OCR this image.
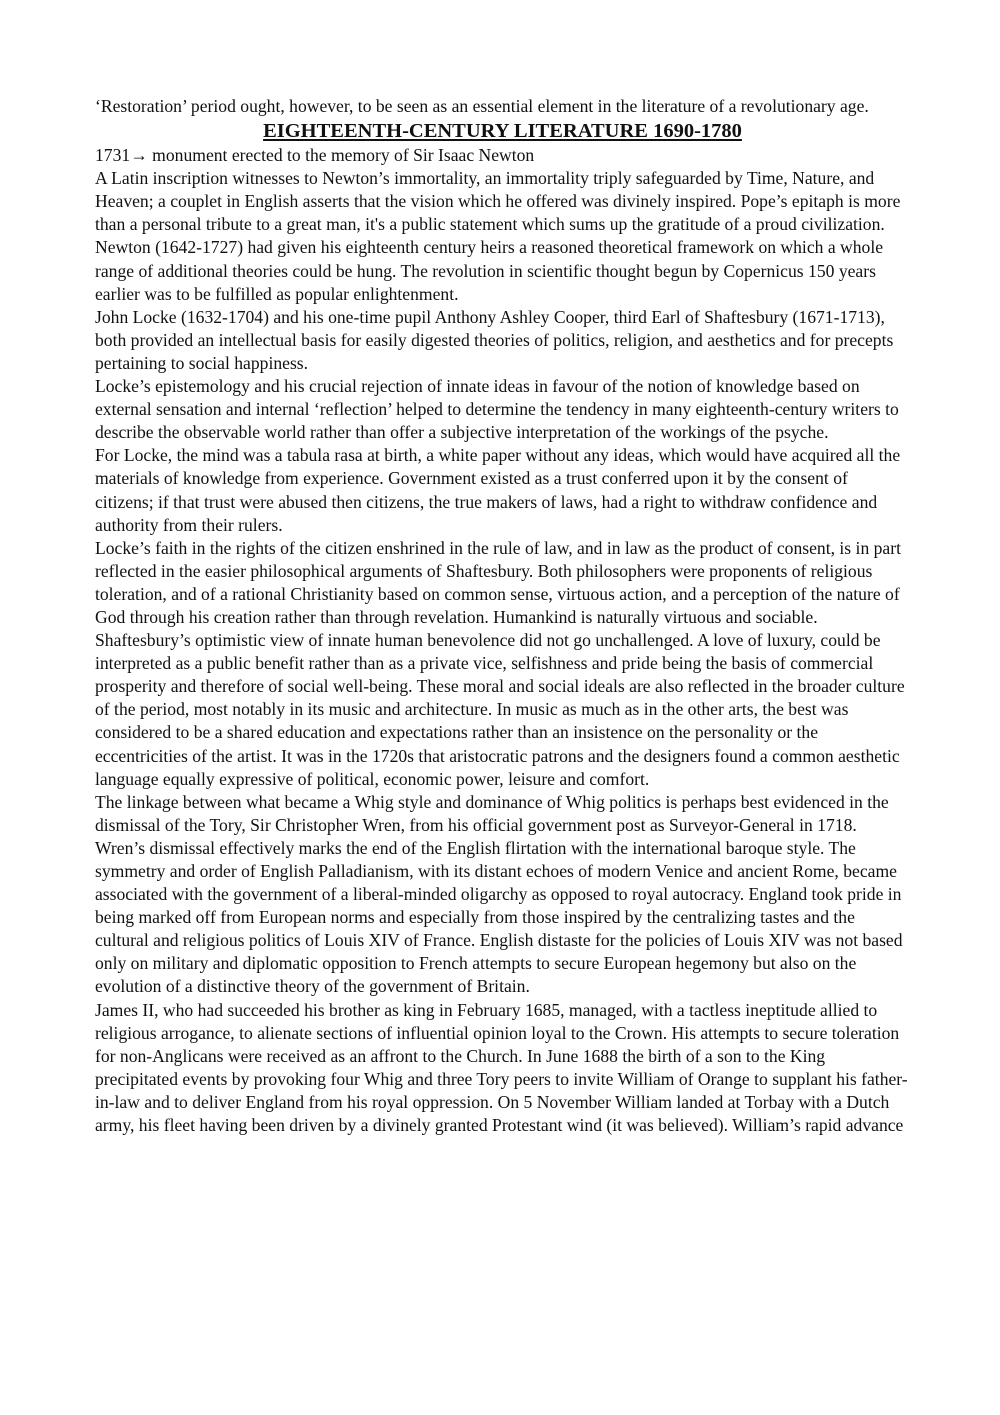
‘Restoration’ period ought, however, to be seen as an essential element in the literature of a revolutionary age.

EIGHTEENTH-CENTURY LITERATURE 1690-1780

1731→ monument erected to the memory of Sir Isaac Newton

A Latin inscription witnesses to Newton’s immortality, an immortality triply safeguarded by Time, Nature, and Heaven; a couplet in English asserts that the vision which he offered was divinely inspired. Pope’s epitaph is more than a personal tribute to a great man, it's a public statement which sums up the gratitude of a proud civilization. Newton (1642-1727) had given his eighteenth century heirs a reasoned theoretical framework on which a whole range of additional theories could be hung. The revolution in scientific thought begun by Copernicus 150 years earlier was to be fulfilled as popular enlightenment.

John Locke (1632-1704) and his one-time pupil Anthony Ashley Cooper, third Earl of Shaftesbury (1671-1713), both provided an intellectual basis for easily digested theories of politics, religion, and aesthetics and for precepts pertaining to social happiness.

Locke’s epistemology and his crucial rejection of innate ideas in favour of the notion of knowledge based on external sensation and internal ‘reflection’ helped to determine the tendency in many eighteenth-century writers to describe the observable world rather than offer a subjective interpretation of the workings of the psyche.

For Locke, the mind was a tabula rasa at birth, a white paper without any ideas, which would have acquired all the materials of knowledge from experience. Government existed as a trust conferred upon it by the consent of citizens; if that trust were abused then citizens, the true makers of laws, had a right to withdraw confidence and authority from their rulers.

Locke’s faith in the rights of the citizen enshrined in the rule of law, and in law as the product of consent, is in part reflected in the easier philosophical arguments of Shaftesbury. Both philosophers were proponents of religious toleration, and of a rational Christianity based on common sense, virtuous action, and a perception of the nature of God through his creation rather than through revelation. Humankind is naturally virtuous and sociable. Shaftesbury’s optimistic view of innate human benevolence did not go unchallenged. A love of luxury, could be interpreted as a public benefit rather than as a private vice, selfishness and pride being the basis of commercial prosperity and therefore of social well-being. These moral and social ideals are also reflected in the broader culture of the period, most notably in its music and architecture. In music as much as in the other arts, the best was considered to be a shared education and expectations rather than an insistence on the personality or the eccentricities of the artist. It was in the 1720s that aristocratic patrons and the designers found a common aesthetic language equally expressive of political, economic power, leisure and comfort.

The linkage between what became a Whig style and dominance of Whig politics is perhaps best evidenced in the dismissal of the Tory, Sir Christopher Wren, from his official government post as Surveyor-General in 1718. Wren’s dismissal effectively marks the end of the English flirtation with the international baroque style. The symmetry and order of English Palladianism, with its distant echoes of modern Venice and ancient Rome, became associated with the government of a liberal-minded oligarchy as opposed to royal autocracy. England took pride in being marked off from European norms and especially from those inspired by the centralizing tastes and the cultural and religious politics of Louis XIV of France. English distaste for the policies of Louis XIV was not based only on military and diplomatic opposition to French attempts to secure European hegemony but also on the evolution of a distinctive theory of the government of Britain.

James II, who had succeeded his brother as king in February 1685, managed, with a tactless ineptitude allied to religious arrogance, to alienate sections of influential opinion loyal to the Crown. His attempts to secure toleration for non-Anglicans were received as an affront to the Church. In June 1688 the birth of a son to the King precipitated events by provoking four Whig and three Tory peers to invite William of Orange to supplant his father-in-law and to deliver England from his royal oppression. On 5 November William landed at Torbay with a Dutch army, his fleet having been driven by a divinely granted Protestant wind (it was believed). William’s rapid advance
